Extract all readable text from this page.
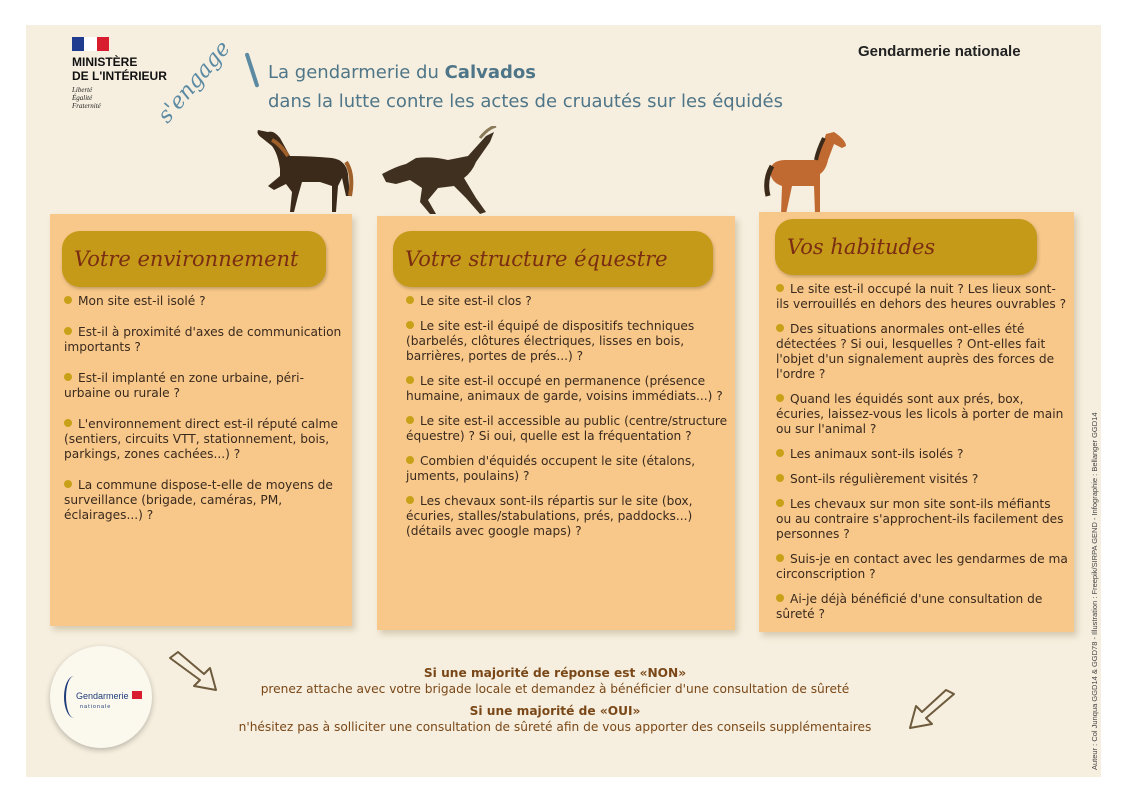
MINISTÈRE
DE L'INTÉRIEUR
Liberté
Égalité
Fraternité
Gendarmerie nationale
s'engage La gendarmerie du Calvados
dans la lutte contre les actes de cruautés sur les équidés
Votre environnement	Votre structure équestre	Vos habitudes
Mon site est-il isolé ?
Est-il à proximité d'axes de communication importants ?
Est-il implanté en zone urbaine, péri-urbaine ou rurale ?
L'environnement direct est-il réputé calme (sentiers, circuits VTT, stationnement, bois, parkings, zones cachées...) ?
La commune dispose-t-elle de moyens de surveillance (brigade, caméras, PM, éclairages...) ?
Le site est-il clos ?
Le site est-il équipé de dispositifs techniques (barbelés, clôtures électriques, lisses en bois, barrières, portes de prés...) ?
Le site est-il occupé en permanence (présence humaine, animaux de garde, voisins immédiats...) ?
Le site est-il accessible au public (centre/structure équestre) ? Si oui, quelle est la fréquentation ?
Combien d'équidés occupent le site (étalons, juments, poulains) ?
Les chevaux sont-ils répartis sur le site (box, écuries, stalles/stabulations, prés, paddocks...) (détails avec google maps) ?
Le site est-il occupé la nuit ? Les lieux sont-ils verrouillés en dehors des heures ouvrables ?
Des situations anormales ont-elles été détectées ? Si oui, lesquelles ? Ont-elles fait l'objet d'un signalement auprès des forces de l'ordre ?
Quand les équidés sont aux prés, box, écuries, laissez-vous les licols à porter de main ou sur l'animal ?
Les animaux sont-ils isolés ?
Sont-ils régulièrement visités ?
Les chevaux sur mon site sont-ils méfiants ou au contraire s'approchent-ils facilement des personnes ?
Suis-je en contact avec les gendarmes de ma circonscription ?
Ai-je déjà bénéficié d'une consultation de sûreté ?
Gendarmerie
nationale
Si une majorité de réponse est «NON»
prenez attache avec votre brigade locale et demandez à bénéficier d'une consultation de sûreté
Si une majorité de «OUI»
n'hésitez pas à solliciter une consultation de sûreté afin de vous apporter des conseils supplémentaires	Auteur : Col Junqua GGD14 & GGD78 - Illustration : Freepik/SIRPA GEND - Infographie : Bellanger GGD14
